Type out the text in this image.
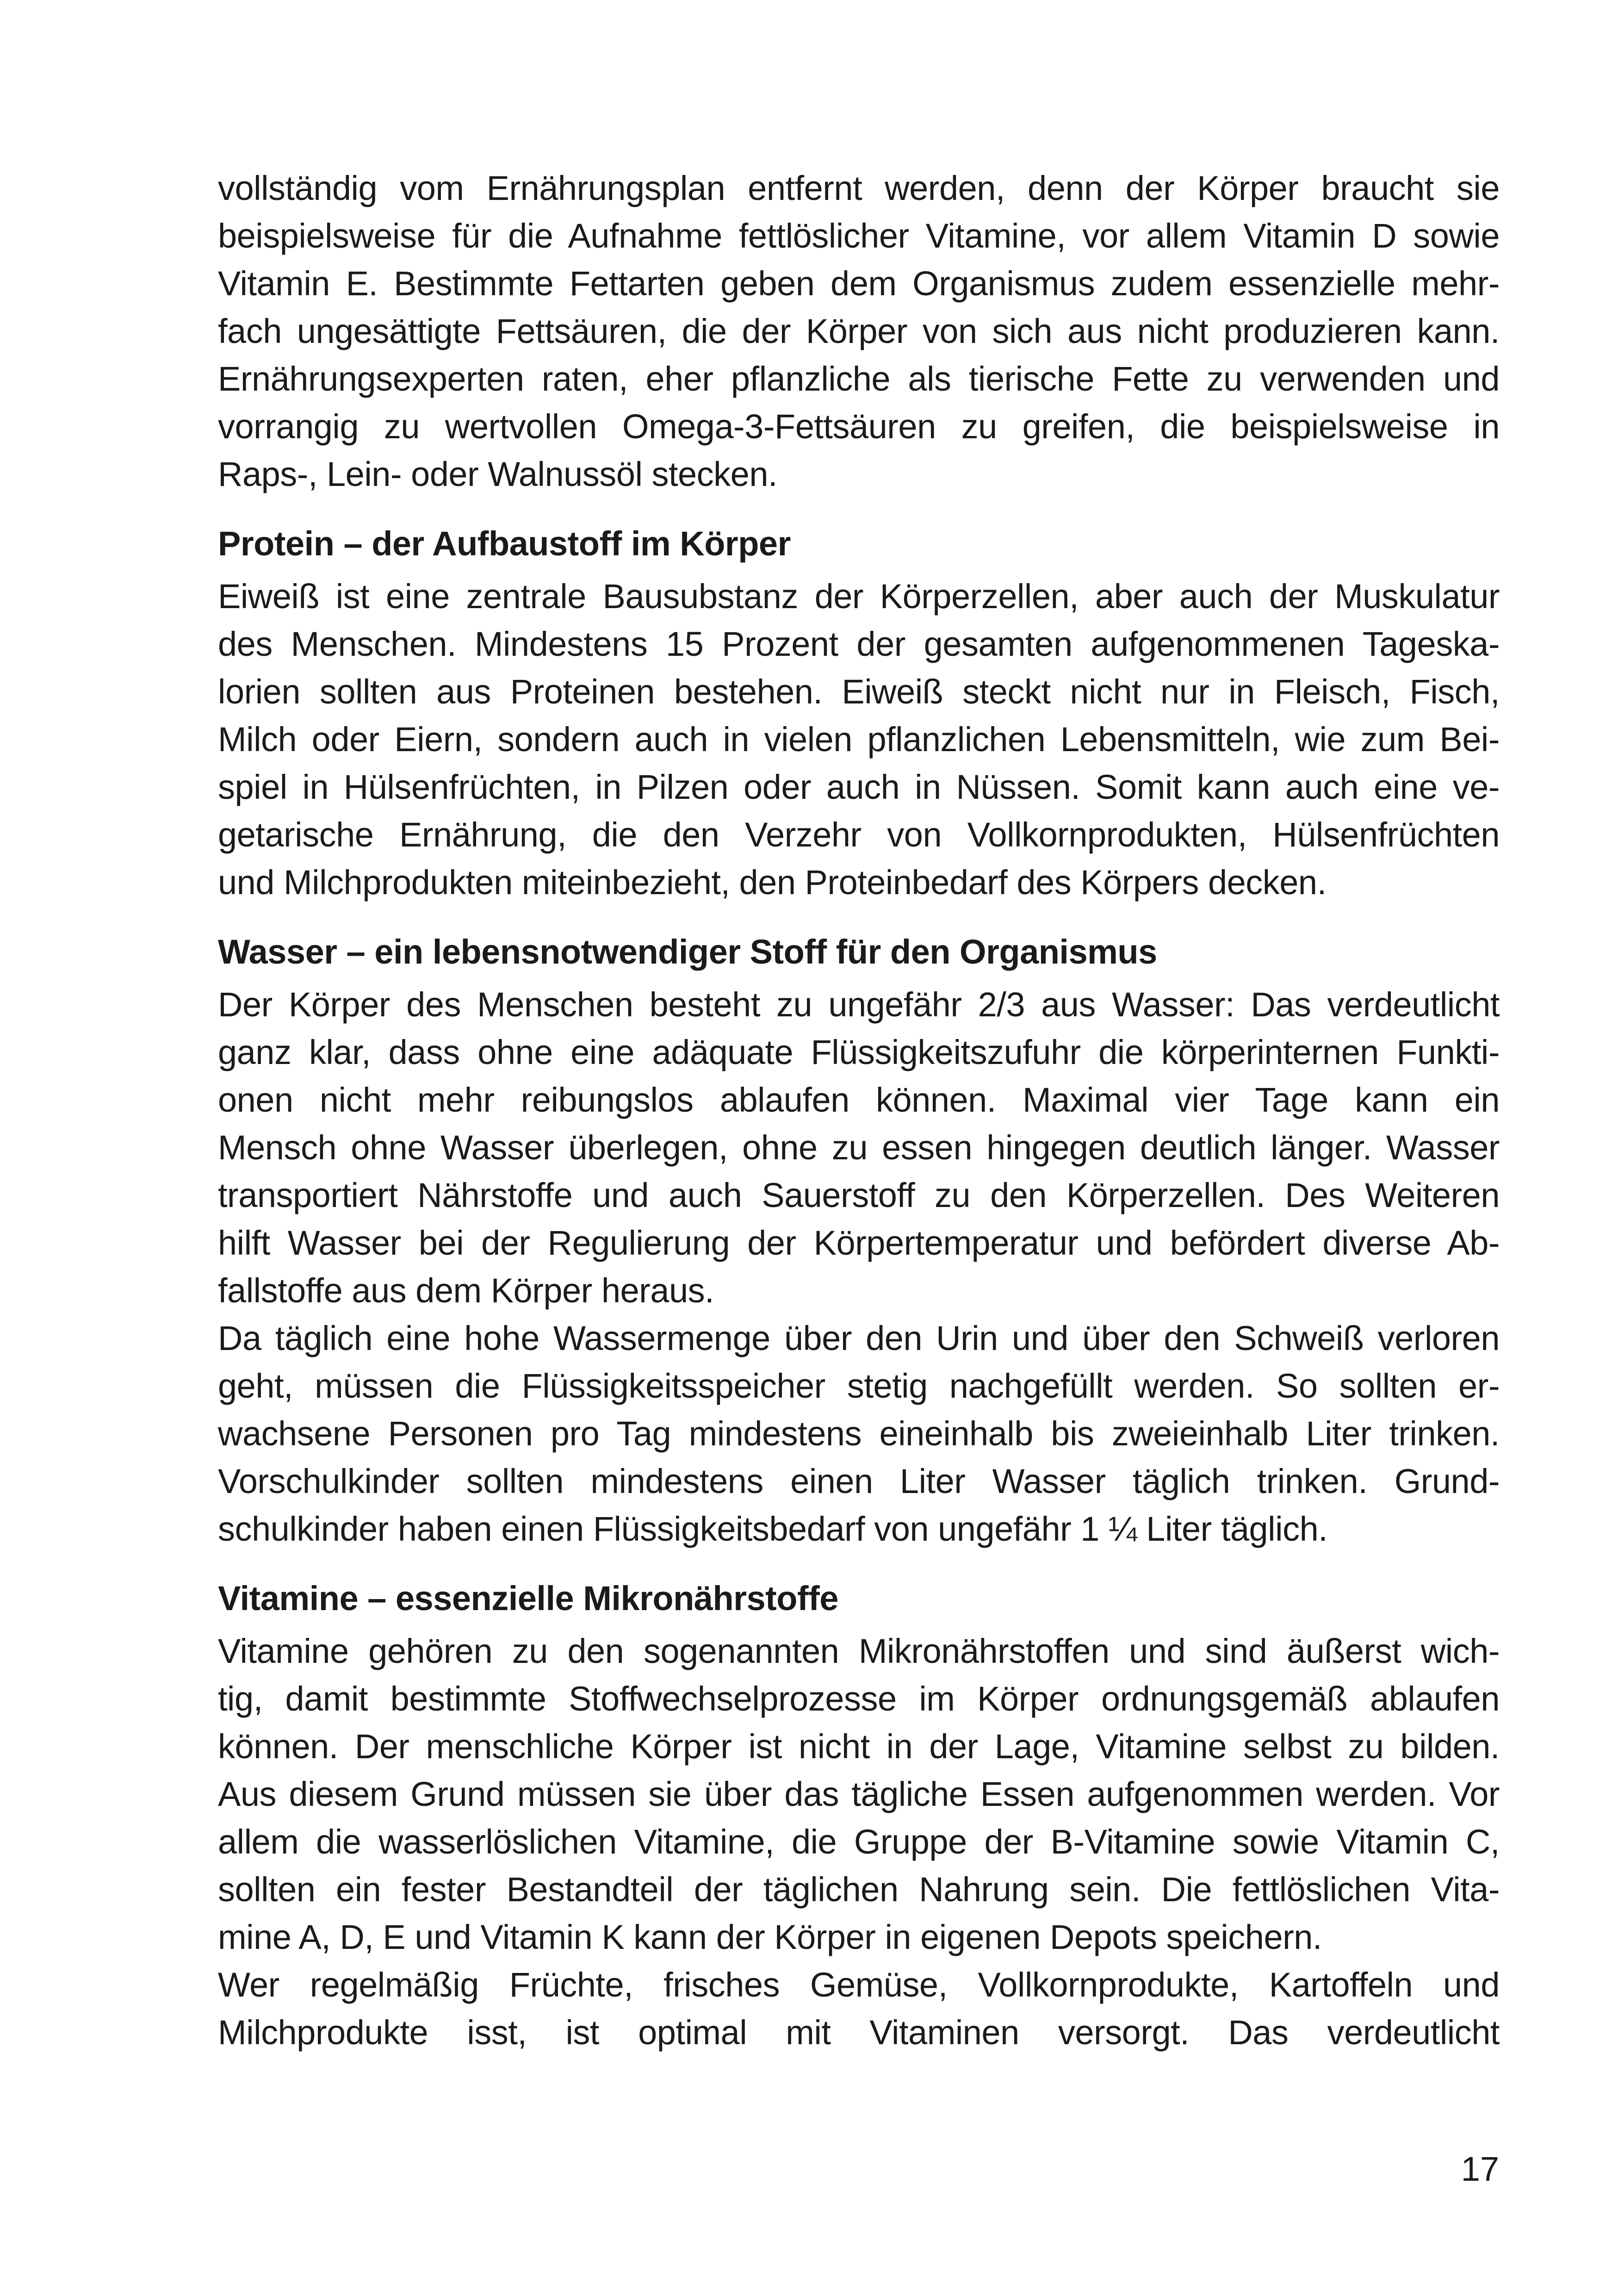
vollständig vom Ernährungsplan entfernt werden, denn der Körper braucht sie
beispielsweise für die Aufnahme fettlöslicher Vitamine, vor allem Vitamin D sowie
Vitamin E. Bestimmte Fettarten geben dem Organismus zudem essenzielle mehr-
fach ungesättigte Fettsäuren, die der Körper von sich aus nicht produzieren kann.
Ernährungsexperten raten, eher pflanzliche als tierische Fette zu verwenden und
vorrangig zu wertvollen Omega-3-Fettsäuren zu greifen, die beispielsweise in
Raps-, Lein- oder Walnussöl stecken.
Protein – der Aufbaustoff im Körper
Eiweiß ist eine zentrale Bausubstanz der Körperzellen, aber auch der Muskulatur
des Menschen. Mindestens 15 Prozent der gesamten aufgenommenen Tageska-
lorien sollten aus Proteinen bestehen. Eiweiß steckt nicht nur in Fleisch, Fisch,
Milch oder Eiern, sondern auch in vielen pflanzlichen Lebensmitteln, wie zum Bei-
spiel in Hülsenfrüchten, in Pilzen oder auch in Nüssen. Somit kann auch eine ve-
getarische Ernährung, die den Verzehr von Vollkornprodukten, Hülsenfrüchten
und Milchprodukten miteinbezieht, den Proteinbedarf des Körpers decken.
Wasser – ein lebensnotwendiger Stoff für den Organismus
Der Körper des Menschen besteht zu ungefähr 2/3 aus Wasser: Das verdeutlicht
ganz klar, dass ohne eine adäquate Flüssigkeitszufuhr die körperinternen Funkti-
onen nicht mehr reibungslos ablaufen können. Maximal vier Tage kann ein
Mensch ohne Wasser überlegen, ohne zu essen hingegen deutlich länger. Wasser
transportiert Nährstoffe und auch Sauerstoff zu den Körperzellen. Des Weiteren
hilft Wasser bei der Regulierung der Körpertemperatur und befördert diverse Ab-
fallstoffe aus dem Körper heraus.
Da täglich eine hohe Wassermenge über den Urin und über den Schweiß verloren
geht, müssen die Flüssigkeitsspeicher stetig nachgefüllt werden. So sollten er-
wachsene Personen pro Tag mindestens eineinhalb bis zweieinhalb Liter trinken.
Vorschulkinder sollten mindestens einen Liter Wasser täglich trinken. Grund-
schulkinder haben einen Flüssigkeitsbedarf von ungefähr 1 ¼ Liter täglich.
Vitamine – essenzielle Mikronährstoffe
Vitamine gehören zu den sogenannten Mikronährstoffen und sind äußerst wich-
tig, damit bestimmte Stoffwechselprozesse im Körper ordnungsgemäß ablaufen
können. Der menschliche Körper ist nicht in der Lage, Vitamine selbst zu bilden.
Aus diesem Grund müssen sie über das tägliche Essen aufgenommen werden. Vor
allem die wasserlöslichen Vitamine, die Gruppe der B-Vitamine sowie Vitamin C,
sollten ein fester Bestandteil der täglichen Nahrung sein. Die fettlöslichen Vita-
mine A, D, E und Vitamin K kann der Körper in eigenen Depots speichern.
Wer regelmäßig Früchte, frisches Gemüse, Vollkornprodukte, Kartoffeln und
Milchprodukte isst, ist optimal mit Vitaminen versorgt. Das verdeutlicht
17
